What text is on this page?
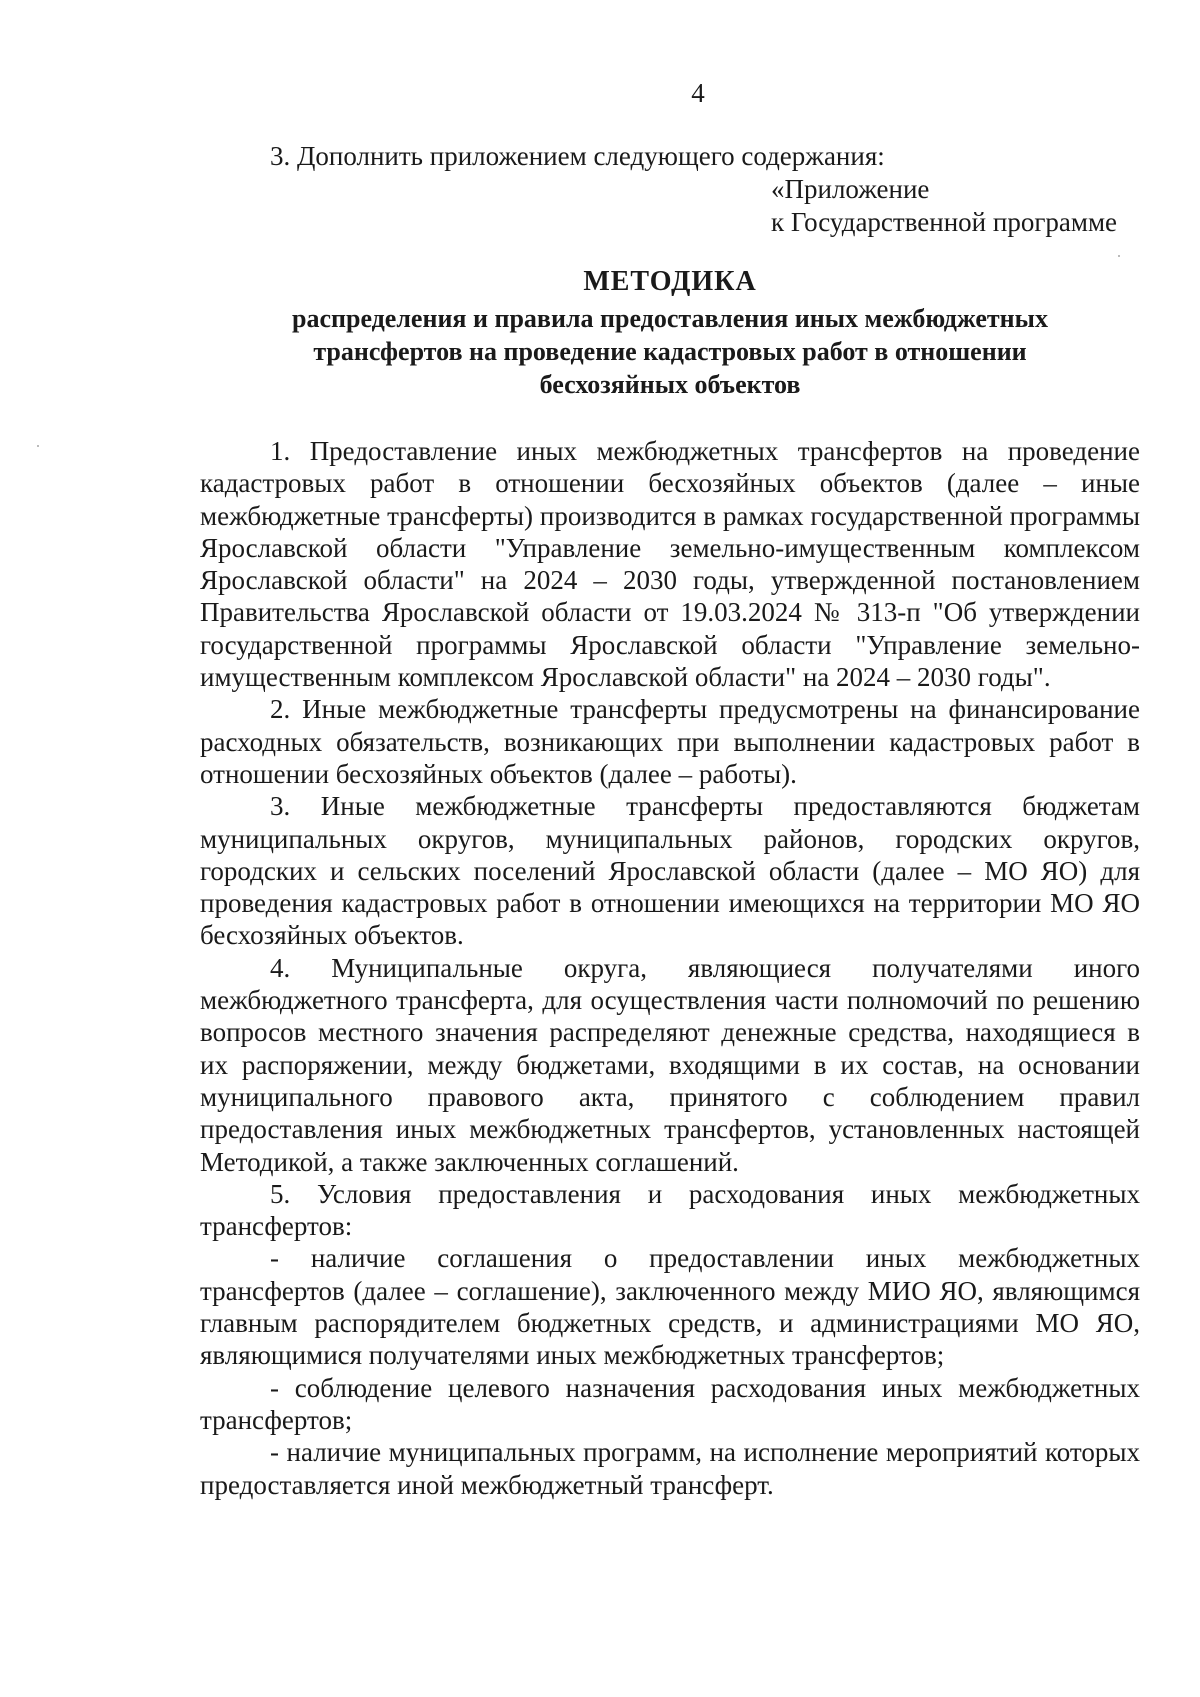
4
3. Дополнить приложением следующего содержания:
«Приложение
к Государственной программе
МЕТОДИКА
распределения и правила предоставления иных межбюджетных
трансфертов на проведение кадастровых работ в отношении
бесхозяйных объектов

1. Предоставление иных межбюджетных трансфертов на проведение кадастровых работ в отношении бесхозяйных объектов (далее – иные межбюджетные трансферты) производится в рамках государственной программы Ярославской области "Управление земельно-имущественным комплексом Ярославской области" на 2024 – 2030 годы, утвержденной постановлением Правительства Ярославской области от 19.03.2024 № 313-п "Об утверждении государственной программы Ярославской области "Управление земельно-имущественным комплексом Ярославской области" на 2024 – 2030 годы".

2. Иные межбюджетные трансферты предусмотрены на финансирование расходных обязательств, возникающих при выполнении кадастровых работ в отношении бесхозяйных объектов (далее – работы).

3. Иные межбюджетные трансферты предоставляются бюджетам муниципальных округов, муниципальных районов, городских округов, городских и сельских поселений Ярославской области (далее – МО ЯО) для проведения кадастровых работ в отношении имеющихся на территории МО ЯО бесхозяйных объектов.

4. Муниципальные округа, являющиеся получателями иного межбюджетного трансферта, для осуществления части полномочий по решению вопросов местного значения распределяют денежные средства, находящиеся в их распоряжении, между бюджетами, входящими в их состав, на основании муниципального правового акта, принятого с соблюдением правил предоставления иных межбюджетных трансфертов, установленных настоящей Методикой, а также заключенных соглашений.

5. Условия предоставления и расходования иных межбюджетных трансфертов:

- наличие соглашения о предоставлении иных межбюджетных трансфертов (далее – соглашение), заключенного между МИО ЯО, являющимся главным распорядителем бюджетных средств, и администрациями МО ЯО, являющимися получателями иных межбюджетных трансфертов;

- соблюдение целевого назначения расходования иных межбюджетных трансфертов;

- наличие муниципальных программ, на исполнение мероприятий которых предоставляется иной межбюджетный трансферт.
